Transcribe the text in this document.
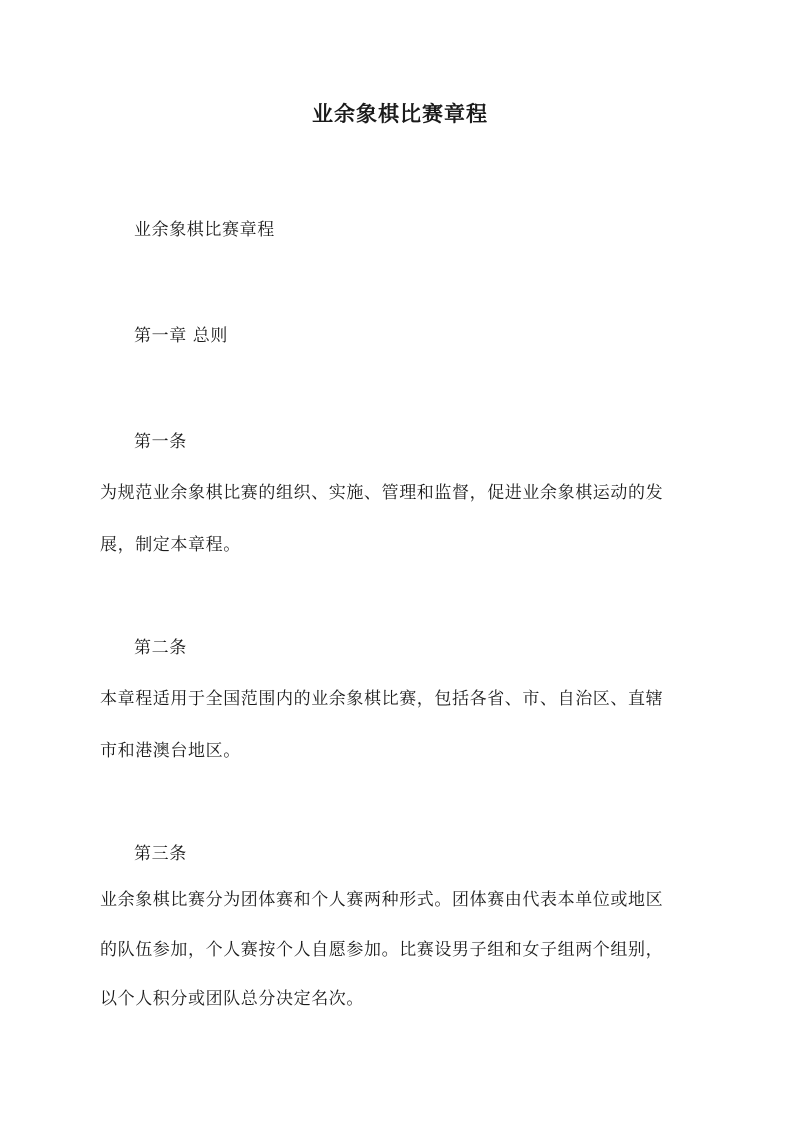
业余象棋比赛章程
业余象棋比赛章程
第一章 总则
第一条
为规范业余象棋比赛的组织、实施、管理和监督，促进业余象棋运动的发
展，制定本章程。
第二条
本章程适用于全国范围内的业余象棋比赛，包括各省、市、自治区、直辖
市和港澳台地区。
第三条
业余象棋比赛分为团体赛和个人赛两种形式。团体赛由代表本单位或地区
的队伍参加，个人赛按个人自愿参加。比赛设男子组和女子组两个组别，
以个人积分或团队总分决定名次。
